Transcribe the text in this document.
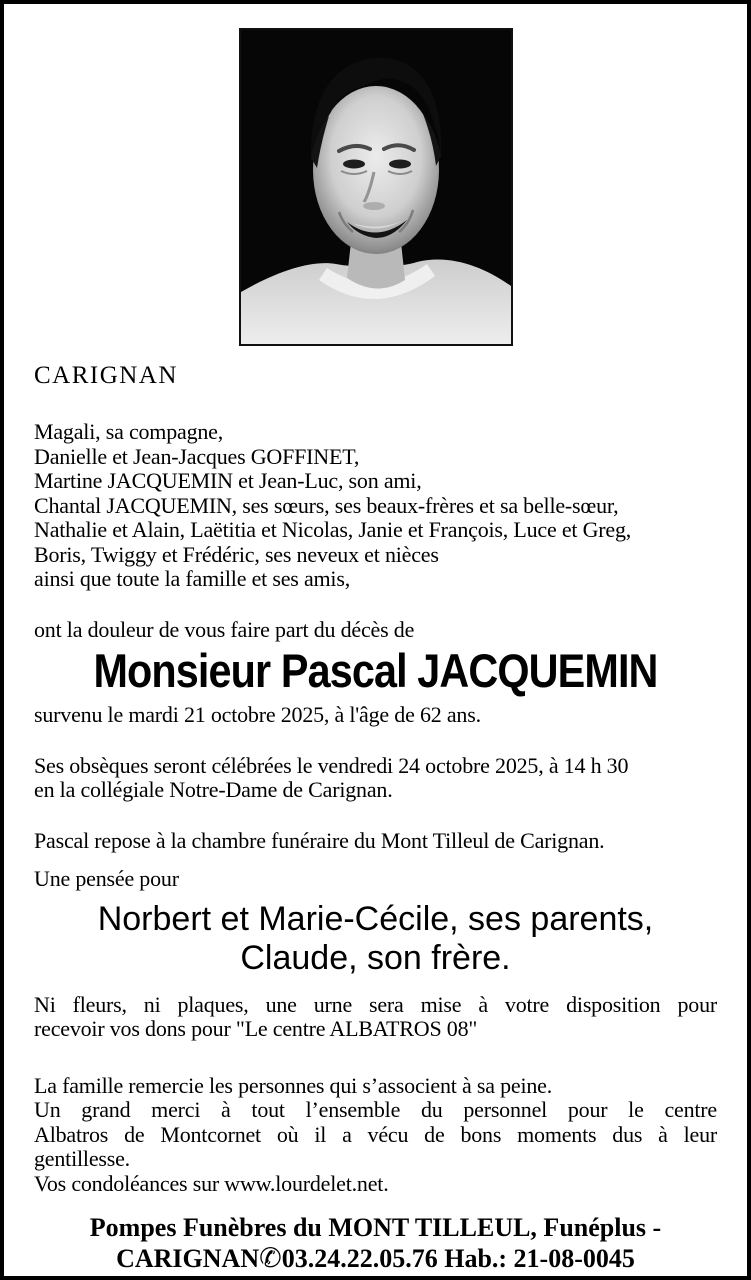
CARIGNAN
Magali, sa compagne,
Danielle et Jean-Jacques GOFFINET,
Martine JACQUEMIN et Jean-Luc, son ami,
Chantal JACQUEMIN, ses sœurs, ses beaux-frères et sa belle-sœur,
Nathalie et Alain, Laëtitia et Nicolas, Janie et François, Luce et Greg,
Boris, Twiggy et Frédéric, ses neveux et nièces
ainsi que toute la famille et ses amis,
ont la douleur de vous faire part du décès de
Monsieur Pascal JACQUEMIN
survenu le mardi 21 octobre 2025, à l'âge de 62 ans.
Ses obsèques seront célébrées le vendredi 24 octobre 2025, à 14 h 30
en la collégiale Notre-Dame de Carignan.
Pascal repose à la chambre funéraire du Mont Tilleul de Carignan.
Une pensée pour
Norbert et Marie-Cécile, ses parents,
Claude, son frère.
Ni fleurs, ni plaques, une urne sera mise à votre disposition pour
recevoir vos dons pour "Le centre ALBATROS 08"
La famille remercie les personnes qui s’associent à sa peine.
Un grand merci à tout l’ensemble du personnel pour le centre
Albatros de Montcornet où il a vécu de bons moments dus à leur
gentillesse.
Vos condoléances sur www.lourdelet.net.
Pompes Funèbres du MONT TILLEUL, Funéplus -
CARIGNAN✆03.24.22.05.76 Hab.: 21-08-0045
